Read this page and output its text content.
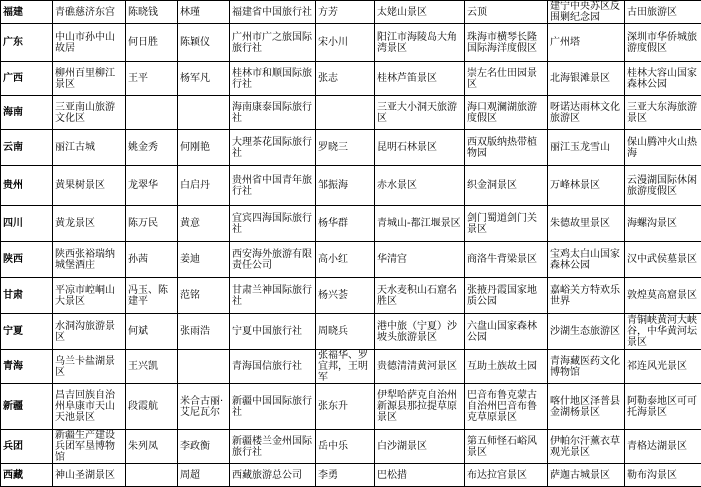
福建	青礁慈济东宫	陈晓钱	林瑾	福建省中国旅行社	方芳	太姥山景区	云顶	建宁中央苏区反围剿纪念园	古田旅游区
广东	中山市孙中山故居	何日胜	陈颖仪	广州市广之旅国际旅行社	宋小川	阳江市海陵岛大角湾景区	珠海市横琴长隆国际海洋度假区	广州塔	深圳市华侨城旅游度假区
广西	柳州百里柳江景区	王平	杨军凡	桂林市和顺国际旅行社	张志	桂林芦笛景区	崇左名仕田园景区	北海银滩景区	桂林大容山国家森林公园
海南	三亚南山旅游文化区			海南康泰国际旅行社		三亚大小洞天旅游区	海口观澜湖旅游度假区	呀诺达雨林文化旅游区	三亚大东海旅游景区
云南	丽江古城	姚金秀	何刚艳	大理茶花国际旅行社	罗晓三	昆明石林景区	西双版纳热带植物园	丽江玉龙雪山	保山腾冲火山热海
贵州	黄果树景区	龙翠华	白启丹	贵州省中国青年旅行社	邹振海	赤水景区	织金洞景区	万峰林景区	云漫湖国际休闲旅游度假区
四川	黄龙景区	陈万民	黄意	宜宾四海国际旅行社	杨华群	青城山-都江堰景区	剑门蜀道剑门关景区	朱德故里景区	海螺沟景区
陕西	陕西张裕瑞纳城堡酒庄	孙茜	姜迪	西安海外旅游有限责任公司	高小红	华清宫	商洛牛背梁景区	宝鸡太白山国家森林公园	汉中武侯墓景区
甘肃	平凉市崆峒山大景区	冯玉、陈建平	范铭	甘肃兰神国际旅行社	杨兴荟	天水麦积山石窟名胜区	张掖丹霞国家地质公园	嘉峪关方特欢乐世界	敦煌莫高窟景区
宁夏	水洞沟旅游景区	何斌	张雨浩	宁夏中国旅行社	周晓兵	港中旅（宁夏）沙坡头旅游景区	六盘山国家森林公园	沙湖生态旅游区	青铜峡黄河大峡谷，中华黄河坛景区
青海	乌兰卡盐湖景区	王兴凯		青海国信旅行社	张福华、罗宜邦，王明军	贵德清清黄河景区	互助土族故土园	青海藏医药文化博物馆	祁连风光景区
新疆	昌吉回族自治州阜康市天山天池景区	段霞航	米合古丽·艾尼瓦尔	新疆中国国际旅行社	张东升	伊犁哈萨克自治州新源县那拉提草原景区	巴音布鲁克蒙古自治州巴音布鲁克草原景区	喀什地区泽普县金湖杨景区	阿勒泰地区可可托海景区
兵团	新疆生产建设兵团军垦博物馆	朱列凤	李政衡	新疆楼兰金州国际旅行社	岳中乐	白沙湖景区	第五师怪石峪风景区	伊帕尔汗薰衣草观光景区	青格达湖景区
西藏	神山圣湖景区		周超	西藏旅游总公司	李勇	巴松措	布达拉宫景区	萨迦古城景区	勒布沟景区
